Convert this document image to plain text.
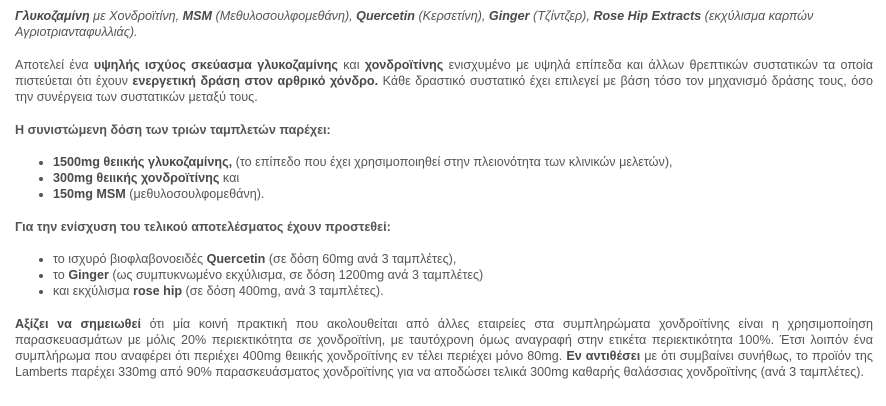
Γλυκοζαμίνη με Χονδροϊτίνη, MSM (Μεθυλοσουλφομεθάνη), Quercetin (Κερσετίνη), Ginger (Τζίντζερ), Rose Hip Extracts (εκχύλισμα καρπών Αγριοτριανταφυλλιάς).

Αποτελεί ένα υψηλής ισχύος σκεύασμα γλυκοζαμίνης και χονδροϊτίνης ενισχυμένο με υψηλά επίπεδα και άλλων θρεπτικών συστατικών τα οποία πιστεύεται ότι έχουν ενεργετική δράση στον αρθρικό χόνδρο. Κάθε δραστικό συστατικό έχει επιλεγεί με βάση τόσο τον μηχανισμό δράσης τους, όσο την συνέργεια των συστατικών μεταξύ τους.

Η συνιστώμενη δόση των τριών ταμπλετών παρέχει:

• 1500mg θειικής γλυκοζαμίνης, (το επίπεδο που έχει χρησιμοποιηθεί στην πλειονότητα των κλινικών μελετών),
• 300mg θειικής χονδροϊτίνης και
• 150mg MSM (μεθυλοσουλφομεθάνη).

Για την ενίσχυση του τελικού αποτελέσματος έχουν προστεθεί:

• το ισχυρό βιοφλαβονοειδές Quercetin (σε δόση 60mg ανά 3 ταμπλέτες),
• το Ginger (ως συμπυκνωμένο εκχύλισμα, σε δόση 1200mg ανά 3 ταμπλέτες)
• και εκχύλισμα rose hip (σε δόση 400mg, ανά 3 ταμπλέτες).

Αξίζει να σημειωθεί ότι μία κοινή πρακτική που ακολουθείται από άλλες εταιρείες στα συμπληρώματα χονδροϊτίνης είναι η χρησιμοποίηση παρασκευασμάτων με μόλις 20% περιεκτικότητα σε χονδροϊτίνη, με ταυτόχρονη όμως αναγραφή στην ετικέτα περιεκτικότητα 100%. Έτσι λοιπόν ένα συμπλήρωμα που αναφέρει ότι περιέχει 400mg θειικής χονδροϊτίνης εν τέλει περιέχει μόνο 80mg. Εν αντιθέσει με ότι συμβαίνει συνήθως, το προϊόν της Lamberts παρέχει 330mg από 90% παρασκευάσματος χονδροϊτίνης για να αποδώσει τελικά 300mg καθαρής θαλάσσιας χονδροϊτίνης (ανά 3 ταμπλέτες).
